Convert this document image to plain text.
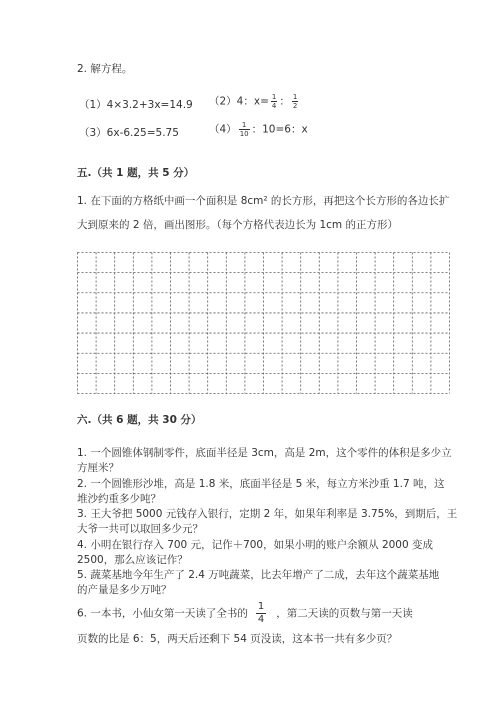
2. 解方程。
（1）4×3.2+3x=14.9 （2）4：$x= \frac{1}{4}$ ： $\frac{1}{2}$
（3）6x-6.25=5.75	$(4) \frac{1}{10}$ ：10=6：x
五.（共 1 题，共 5 分）
1. 在下面的方格纸中画一个面积是 8cm² 的长方形，再把这个长方形的各边长扩
大到原来的 2 倍，画出图形。（每个方格代表边长为 1cm 的正方形）
六.（共 6 题，共 30 分）
1. 一个圆锥体钢制零件，底面半径是 3cm，高是 2m，这个零件的体积是多少立
方厘米？
2. 一个圆锥形沙堆，高是 1.8 米，底面半径是 5 米，每立方米沙重 1.7 吨，这
堆沙约重多少吨？
3. 王大爷把 5000 元钱存入银行，定期 2 年，如果年利率是 3.75%，到期后，王
大爷一共可以取回多少元？
4. 小明在银行存入 700 元，记作＋700，如果小明的账户余额从 2000 变成
2500，那么应该记作？
5. 蔬菜基地今年生产了 2.4 万吨蔬菜，比去年增产了二成，去年这个蔬菜基地
的产量是多少万吨？
6. 一本书，小仙女第一天读了全书的 $\frac{1}{4}$ ，第二天读的页数与第一天读
页数的比是 6：5，两天后还剩下 54 页没读，这本书一共有多少页？
